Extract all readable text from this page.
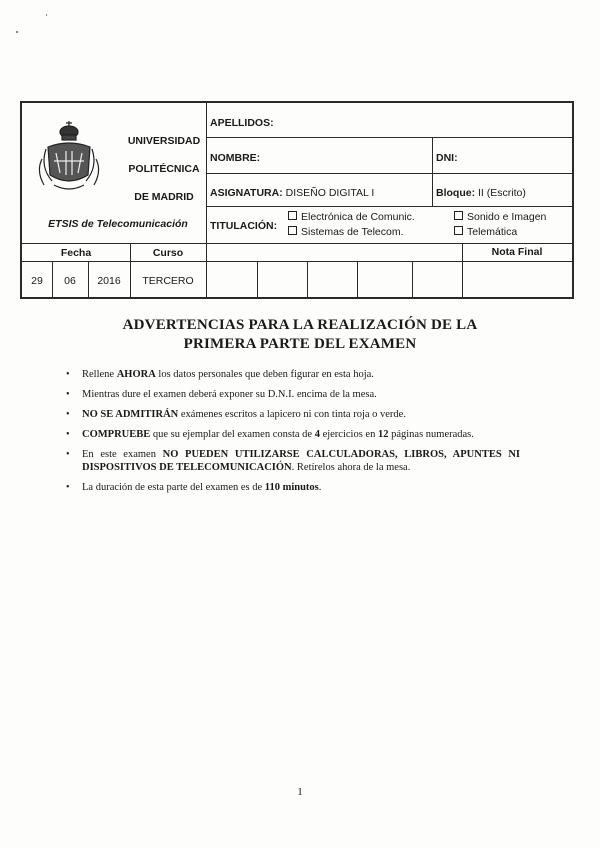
UNIVERSIDAD
POLITÉCNICA
DE MADRID
ETSIS de Telecomunicación
APELLIDOS:
NOMBRE:	DNI:
ASIGNATURA: DISEÑO DIGITAL I	Bloque: II (Escrito)
TITULACIÓN:
Electrónica de Comunic.
Sistemas de Telecom.
Sonido e Imagen
Telemática
Fecha	Curso	Nota Final
29	06	2016	TERCERO
ADVERTENCIAS PARA LA REALIZACIÓN DE LA
PRIMERA PARTE DEL EXAMEN
• Rellene AHORA los datos personales que deben figurar en esta hoja.
• Mientras dure el examen deberá exponer su D.N.I. encima de la mesa.
• NO SE ADMITIRÁN exámenes escritos a lapicero ni con tinta roja o verde.
• COMPRUEBE que su ejemplar del examen consta de 4 ejercicios en 12 páginas numeradas.
• En este examen NO PUEDEN UTILIZARSE CALCULADORAS, LIBROS, APUNTES NI DISPOSITIVOS DE TELECOMUNICACIÓN. Retírelos ahora de la mesa.
• La duración de esta parte del examen es de 110 minutos.
1
